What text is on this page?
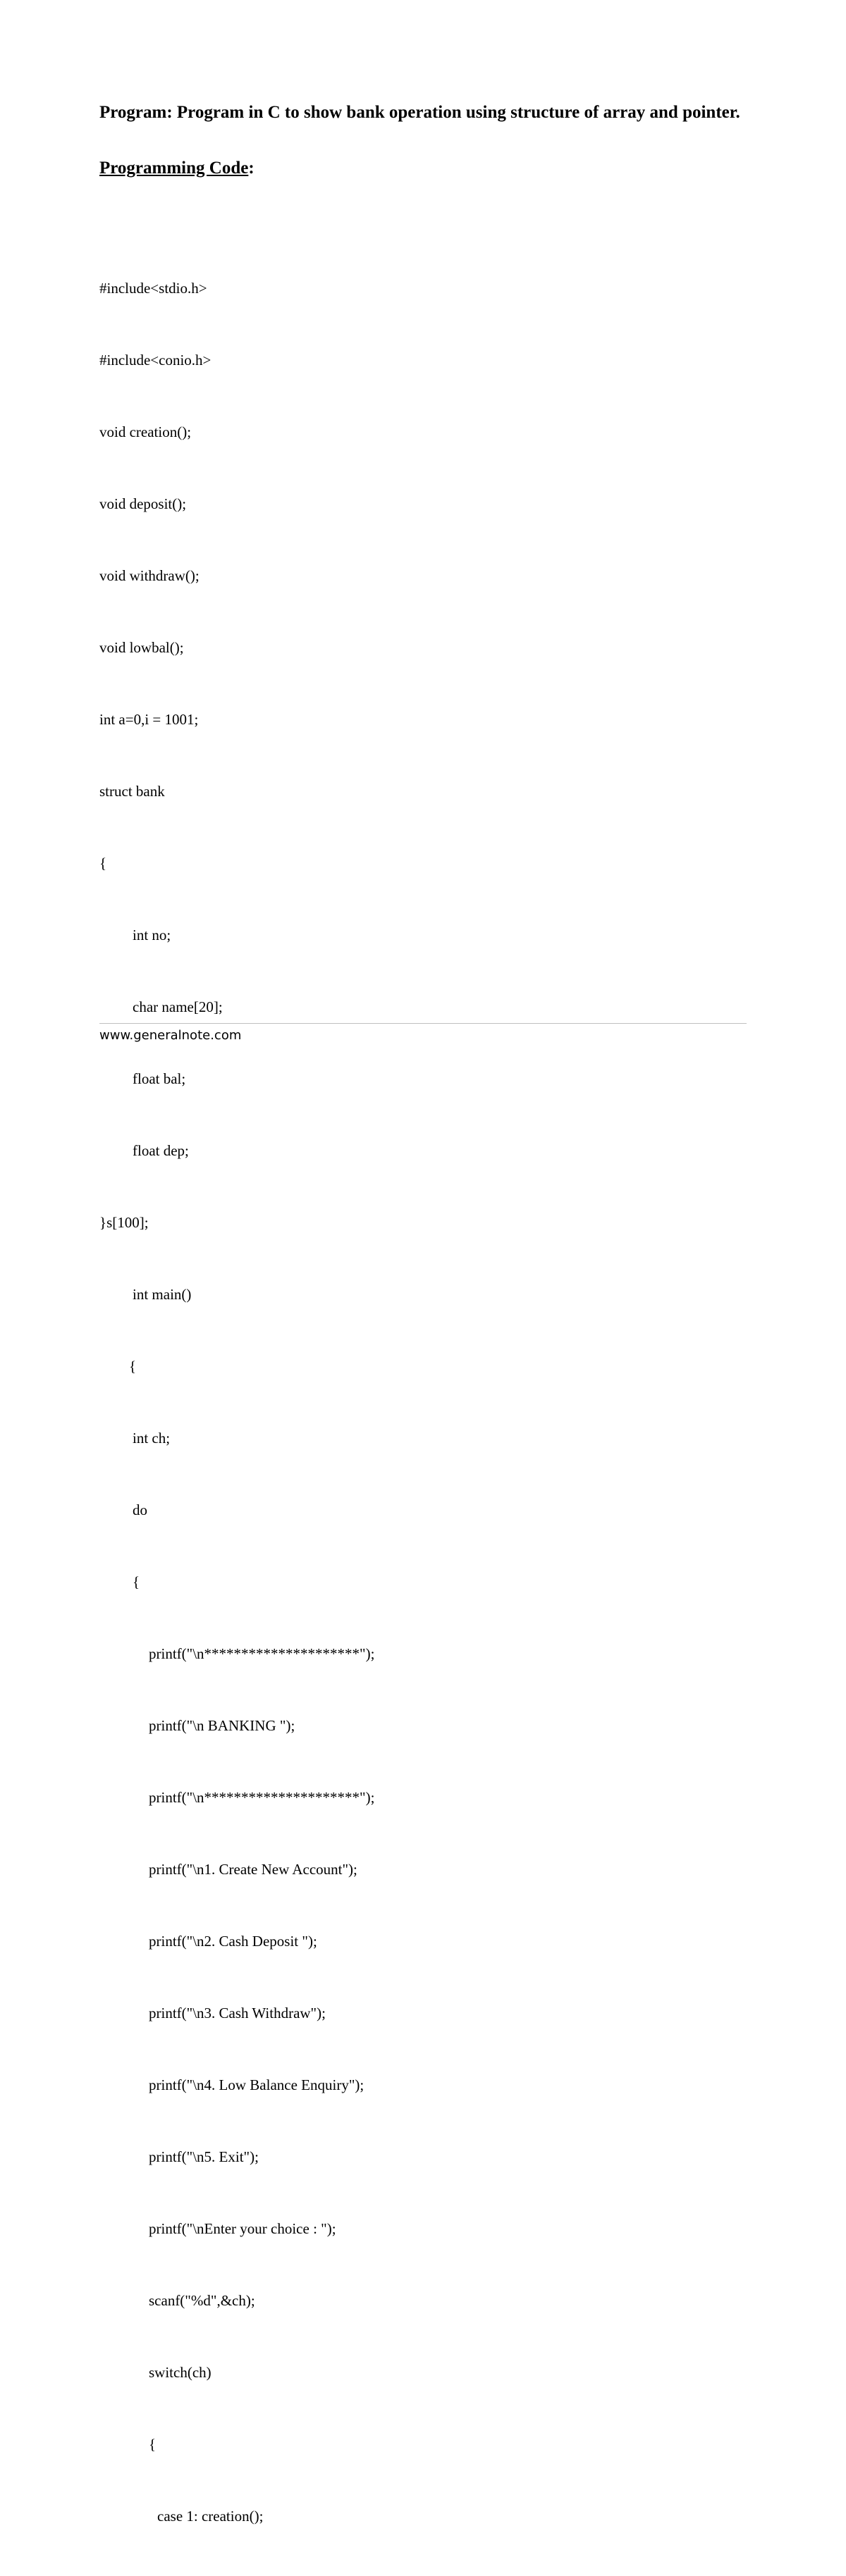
Program: Program in C to show bank operation using structure of array and pointer.
Programming Code:

#include<stdio.h>

#include<conio.h>

void creation();

void deposit();

void withdraw();

void lowbal();

int a=0,i = 1001;

struct bank

{

int no;

char name[20];

float bal;

float dep;

}s[100];

int main()

{

int ch;

do

{

printf("\n*********************");

printf("\n BANKING ");

printf("\n*********************");

printf("\n1. Create New Account");

printf("\n2. Cash Deposit ");

printf("\n3. Cash Withdraw");

printf("\n4. Low Balance Enquiry");

printf("\n5. Exit");

printf("\nEnter your choice : ");

scanf("%d",&ch);

switch(ch)

{

case 1: creation();

www.generalnote.com
